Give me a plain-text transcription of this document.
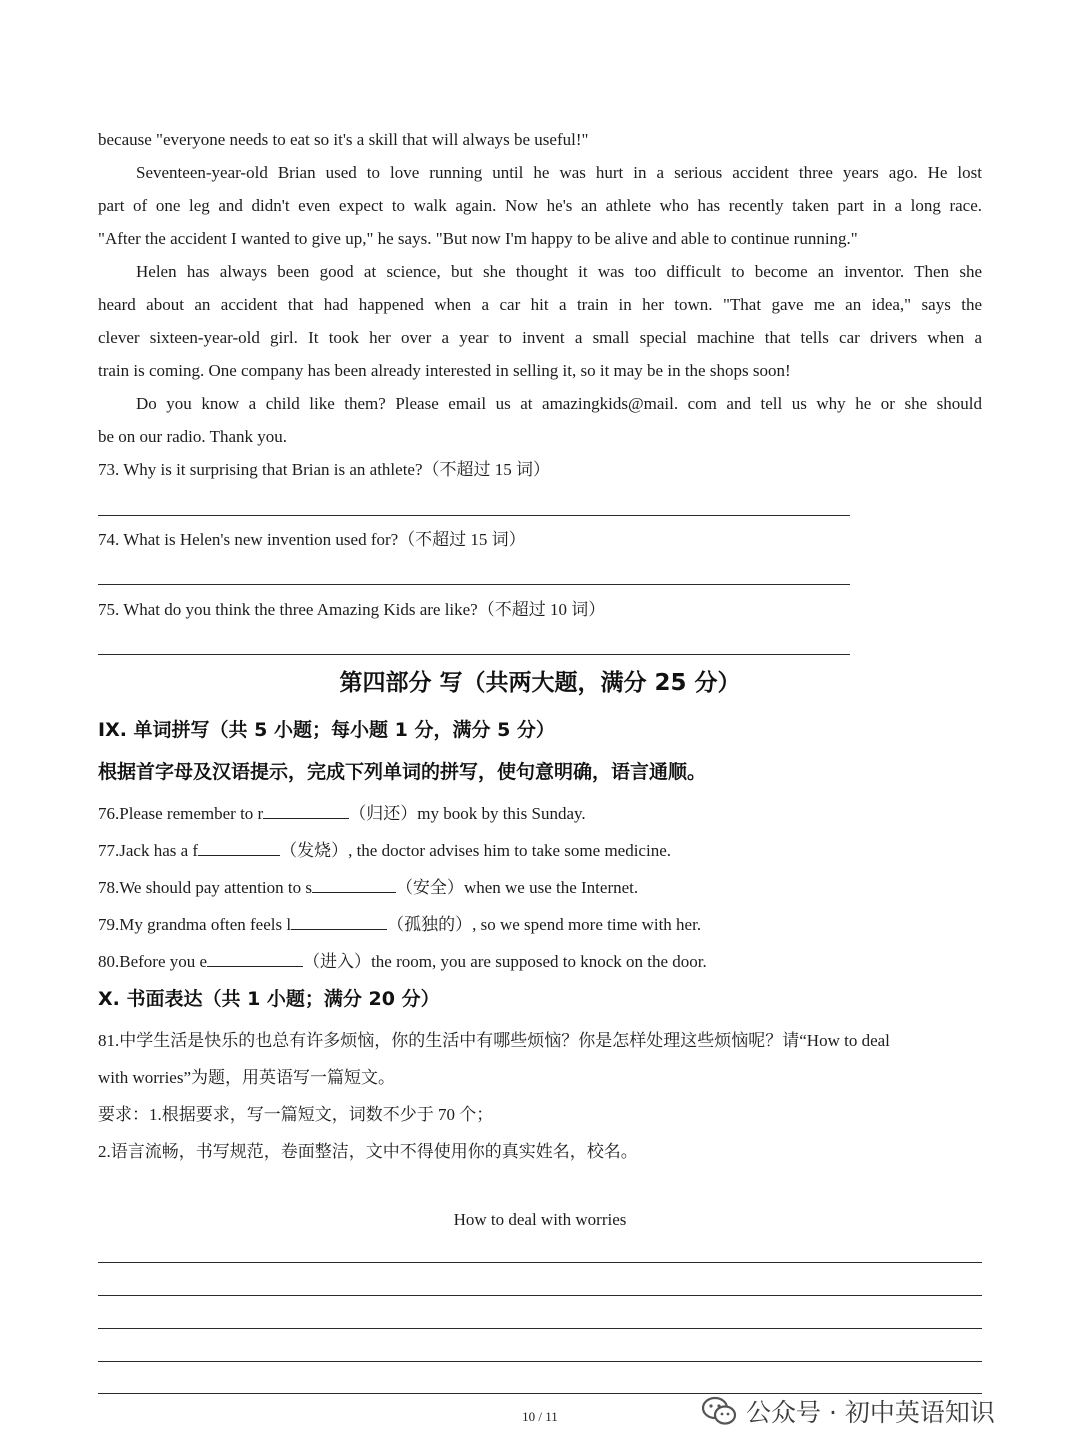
because "everyone needs to eat so it's a skill that will always be useful!"
Seventeen-year-old Brian used to love running until he was hurt in a serious accident three years ago. He lost
part of one leg and didn't even expect to walk again. Now he's an athlete who has recently taken part in a long race.
"After the accident I wanted to give up," he says. "But now I'm happy to be alive and able to continue running."
Helen has always been good at science, but she thought it was too difficult to become an inventor. Then she
heard about an accident that had happened when a car hit a train in her town. "That gave me an idea," says the
clever sixteen-year-old girl. It took her over a year to invent a small special machine that tells car drivers when a
train is coming. One company has been already interested in selling it, so it may be in the shops soon!
Do you know a child like them? Please email us at amazingkids@mail. com and tell us why he or she should
be on our radio. Thank you.
73. Why is it surprising that Brian is an athlete?（不超过 15 词）
74. What is Helen's new invention used for?（不超过 15 词）
75. What do you think the three Amazing Kids are like?（不超过 10 词）
第四部分 写（共两大题，满分 25 分）
IX. 单词拼写（共 5 小题；每小题 1 分，满分 5 分）
根据首字母及汉语提示，完成下列单词的拼写，使句意明确，语言通顺。
76.Please remember to r	（归还）my book by this Sunday.
77.Jack has a f	（发烧）, the doctor advises him to take some medicine.
78.We should pay attention to s	（安全）when we use the Internet.
79.My grandma often feels l	（孤独的）, so we spend more time with her.
80.Before you e	（进入）the room, you are supposed to knock on the door.
X. 书面表达（共 1 小题；满分 20 分）
81.中学生活是快乐的也总有许多烦恼，你的生活中有哪些烦恼？你是怎样处理这些烦恼呢？请“How to deal
with worries”为题，用英语写一篇短文。
要求：1.根据要求，写一篇短文，词数不少于 70 个；
2.语言流畅，书写规范，卷面整洁，文中不得使用你的真实姓名，校名。
How to deal with worries
10 / 11	公众号 · 初中英语知识
